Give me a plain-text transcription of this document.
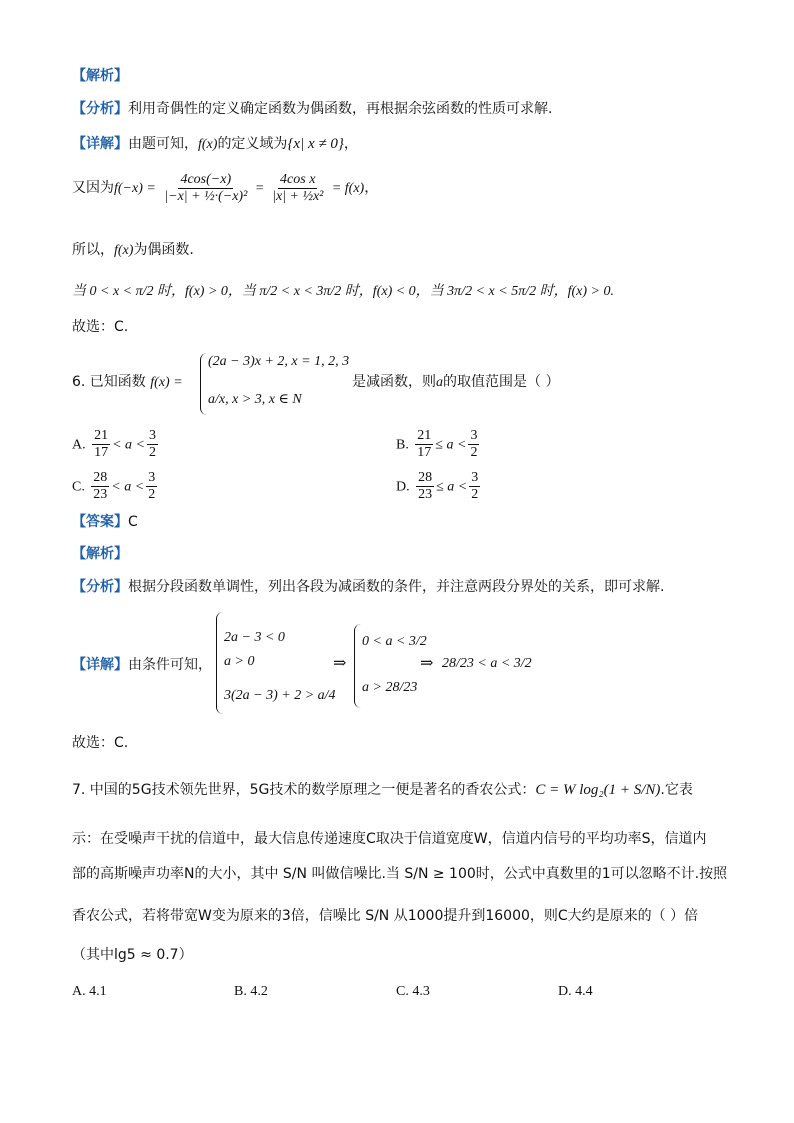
【解析】
【分析】利用奇偶性的定义确定函数为偶函数，再根据余弦函数的性质可求解.
【详解】由题可知，f(x)的定义域为{x| x ≠ 0}，
又因为$f(-x) = \frac{4\cos(-x)}{\text{|−x| + ½·(−x)²}} = \frac{\text{4cos x}}{\text{|x| + ½x²}} = f(x)$，
所以，f(x)为偶函数.
当 0 < x < π/2 时，f(x) > 0，当 π/2 < x < 3π/2 时，f(x) < 0，当 3π/2 < x < 5π/2 时，f(x) > 0.
故选：C.
6. 已知函数 f(x) =
(2a − 3)x + 2, x = 1, 2, 3
a/x, x > 3, x ∈ N
是减函数，则a的取值范围是（ ）
A. $\frac{21}{17} < a < \frac{3}{2}$	B. $\frac{21}{17} \le a < \frac{3}{2}$
C. $\frac{28}{23} < a < \frac{3}{2}$	D. $\frac{28}{23} \le a < \frac{3}{2}$
【答案】C
【解析】
【分析】根据分段函数单调性，列出各段为减函数的条件，并注意两段分界处的关系，即可求解.
【详解】由条件可知，
2a − 3 < 0
a > 0
3(2a − 3) + 2 > a/4
⇒
0 < a < 3/2
a > 28/23
⇒ 28/23 < a < 3/2
故选：C.
7. 中国的5G技术领先世界，5G技术的数学原理之一便是著名的香农公式：C = W log₂(1 + S/N).它表
示：在受噪声干扰的信道中，最大信息传递速度C取决于信道宽度W，信道内信号的平均功率S，信道内
部的高斯噪声功率N的大小，其中 S/N 叫做信噪比.当 S/N ≥ 100时，公式中真数里的1可以忽略不计.按照
香农公式，若将带宽W变为原来的3倍，信噪比 S/N 从1000提升到16000，则C大约是原来的（ ）倍
（其中lg5 ≈ 0.7）
A. 4.1	B. 4.2	C. 4.3	D. 4.4
